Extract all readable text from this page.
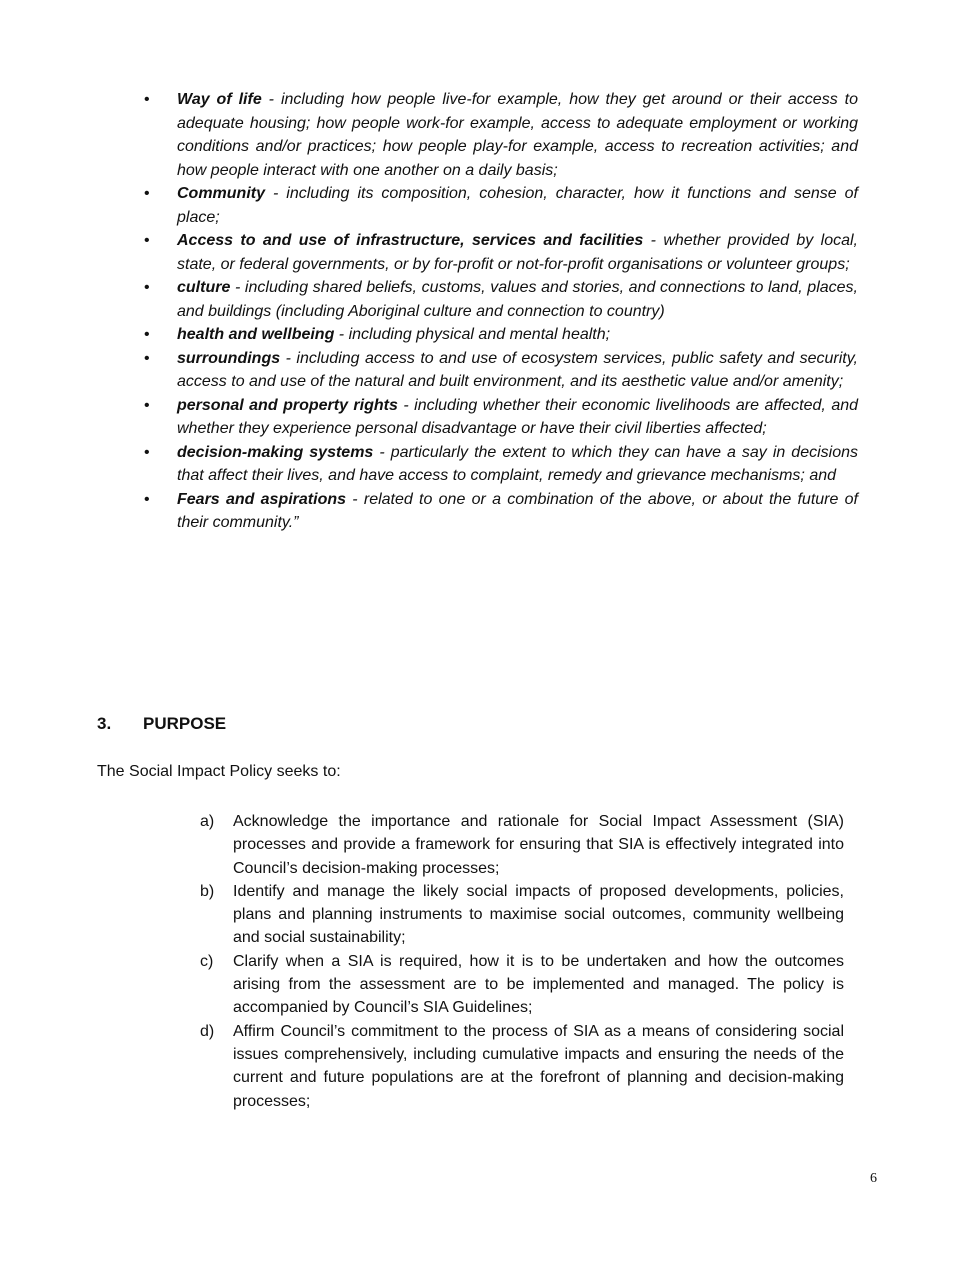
• Way of life - including how people live-for example, how they get around or their access to adequate housing; how people work-for example, access to adequate employment or working conditions and/or practices; how people play-for example, access to recreation activities; and how people interact with one another on a daily basis;
• Community - including its composition, cohesion, character, how it functions and sense of place;
• Access to and use of infrastructure, services and facilities - whether provided by local, state, or federal governments, or by for-profit or not-for-profit organisations or volunteer groups;
• culture - including shared beliefs, customs, values and stories, and connections to land, places, and buildings (including Aboriginal culture and connection to country)
• health and wellbeing - including physical and mental health;
• surroundings - including access to and use of ecosystem services, public safety and security, access to and use of the natural and built environment, and its aesthetic value and/or amenity;
• personal and property rights - including whether their economic livelihoods are affected, and whether they experience personal disadvantage or have their civil liberties affected;
• decision-making systems - particularly the extent to which they can have a say in decisions that affect their lives, and have access to complaint, remedy and grievance mechanisms; and
• Fears and aspirations - related to one or a combination of the above, or about the future of their community.”
3. PURPOSE
The Social Impact Policy seeks to:
a) Acknowledge the importance and rationale for Social Impact Assessment (SIA) processes and provide a framework for ensuring that SIA is effectively integrated into Council’s decision-making processes;
b) Identify and manage the likely social impacts of proposed developments, policies, plans and planning instruments to maximise social outcomes, community wellbeing and social sustainability;
c) Clarify when a SIA is required, how it is to be undertaken and how the outcomes arising from the assessment are to be implemented and managed. The policy is accompanied by Council’s SIA Guidelines;
d) Affirm Council’s commitment to the process of SIA as a means of considering social issues comprehensively, including cumulative impacts and ensuring the needs of the current and future populations are at the forefront of planning and decision-making processes;
6
